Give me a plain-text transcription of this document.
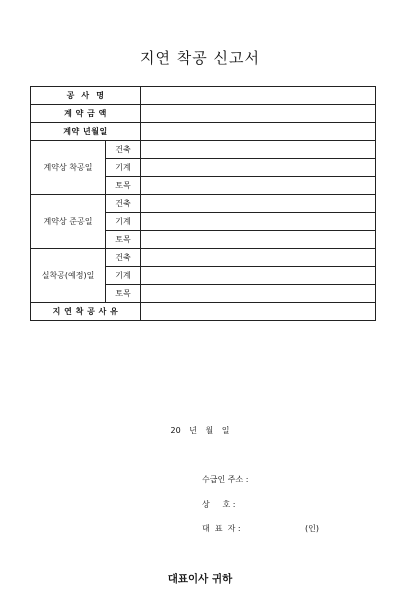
지연 착공 신고서
공  사  명		
계 약 금 액		
계약 년월일		
계약상 착공일	건축	
	기계	
	토목	
계약상 준공일	건축	
	기계	
	토목	
실착공(예정)일	건축	
	기계	
	토목	
지 연 착 공 사 유		
20 년 월 일
수급인 주소 :
상     호 :
대  표  자 :	(인)
대표이사 귀하
